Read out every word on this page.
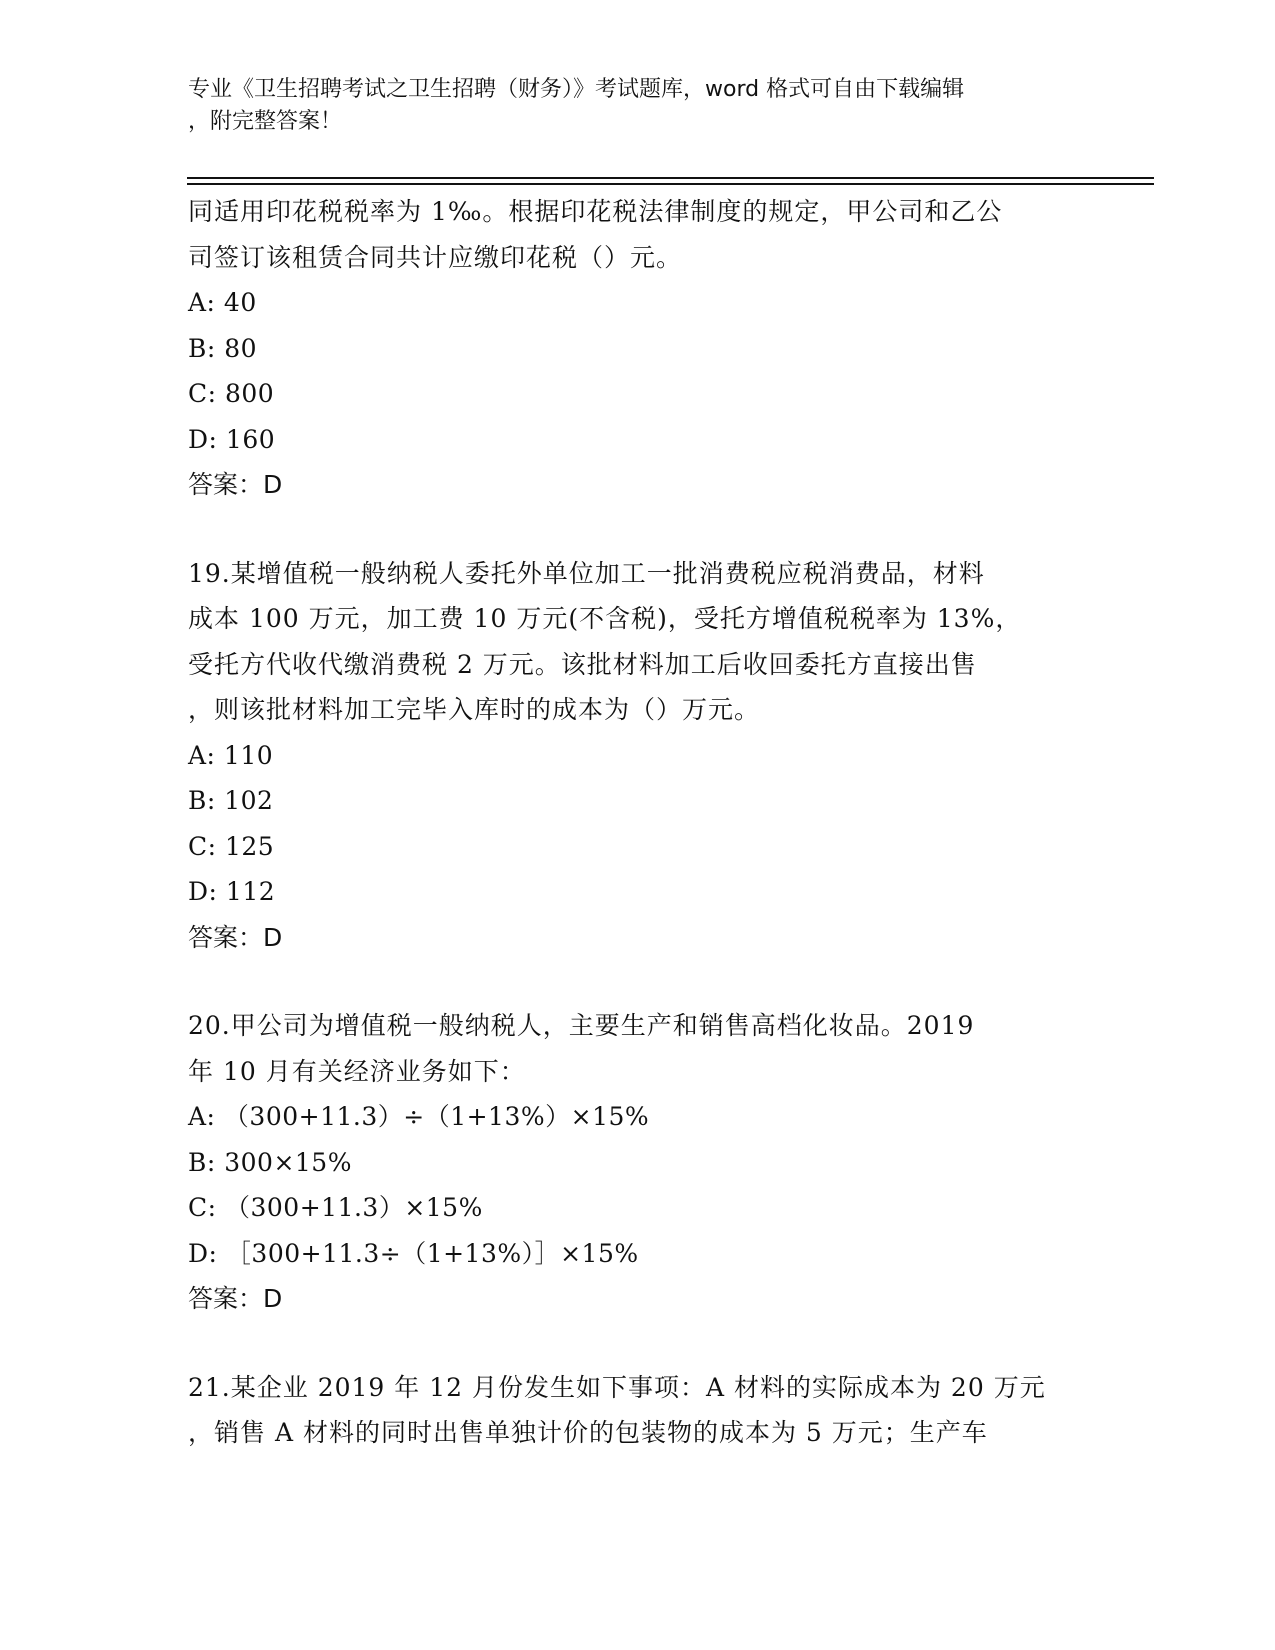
专业《卫生招聘考试之卫生招聘（财务）》考试题库，word 格式可自由下载编辑
，附完整答案！
同适用印花税税率为 1‰。根据印花税法律制度的规定，甲公司和乙公
司签订该租赁合同共计应缴印花税（）元。
A: 40
B: 80
C: 800
D: 160
答案：D
19.某增值税一般纳税人委托外单位加工一批消费税应税消费品，材料
成本 100 万元，加工费 10 万元(不含税)，受托方增值税税率为 13%，
受托方代收代缴消费税 2 万元。该批材料加工后收回委托方直接出售
，则该批材料加工完毕入库时的成本为（）万元。
A: 110
B: 102
C: 125
D: 112
答案：D
20.甲公司为增值税一般纳税人，主要生产和销售高档化妆品。2019
年 10 月有关经济业务如下：
A: （300+11.3）÷（1+13%）×15%
B: 300×15%
C: （300+11.3）×15%
D: ［300+11.3÷（1+13%）］×15%
答案：D
21.某企业 2019 年 12 月份发生如下事项：A 材料的实际成本为 20 万元
，销售 A 材料的同时出售单独计价的包装物的成本为 5 万元；生产车
